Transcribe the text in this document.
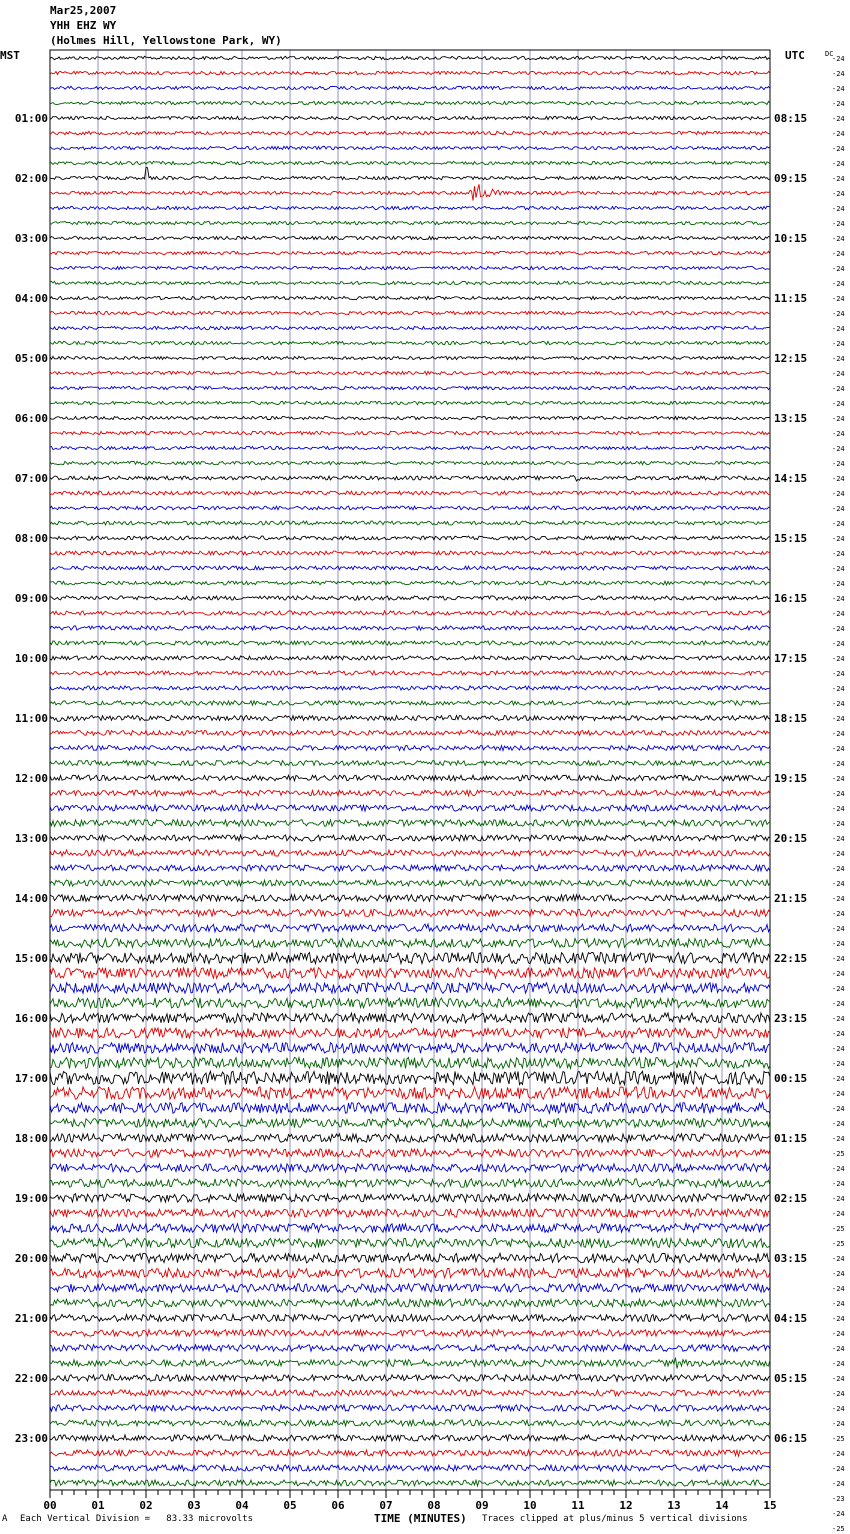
Mar25,2007
YHH EHZ WY
(Holmes Hill, Yellowstone Park, WY)
MST	UTC
01:00
02:00
03:00
04:00
05:00
06:00
07:00
08:00
09:00
10:00
11:00
12:00
13:00
14:00
15:00
16:00
17:00
18:00
19:00
20:00
21:00
22:00
23:00
08:15
09:15
10:15
11:15
12:15
13:15
14:15
15:15
16:15
17:15
18:15
19:15
20:15
21:15
22:15
23:15
00:15
01:15
02:15
03:15
04:15
05:15
06:15
DC
-24
-24
-24
-24
-24
-24
-24
-24
-24
-24
-24
-24
-24
-24
-24
-24
-24
-24
-24
-24
-24
-24
-24
-24
-24
-24
-24
-24
-24
-24
-24
-24
-24
-24
-24
-24
-24
-24
-24
-24
-24
-24
-24
-24
-24
-24
-24
-24
-24
-24
-24
-24
-24
-24
-24
-24
-24
-24
-24
-24
-24
-24
-24
-24
-24
-24
-24
-24
-24
-24
-24
-24
-24
-25
-24
-24
-24
-24
-25
-25
-24
-24
-24
-24
-24
-24
-24
-24
-24
-24
-24
-24
-25
-24
-24
-24
-23
-24
-25
00	01	02	03	04	05	06	07	08	09	10	11	12	13	14	15
A Each Vertical Division =   83.33 microvolts	TIME (MINUTES) Traces clipped at plus/minus 5 vertical divisions
